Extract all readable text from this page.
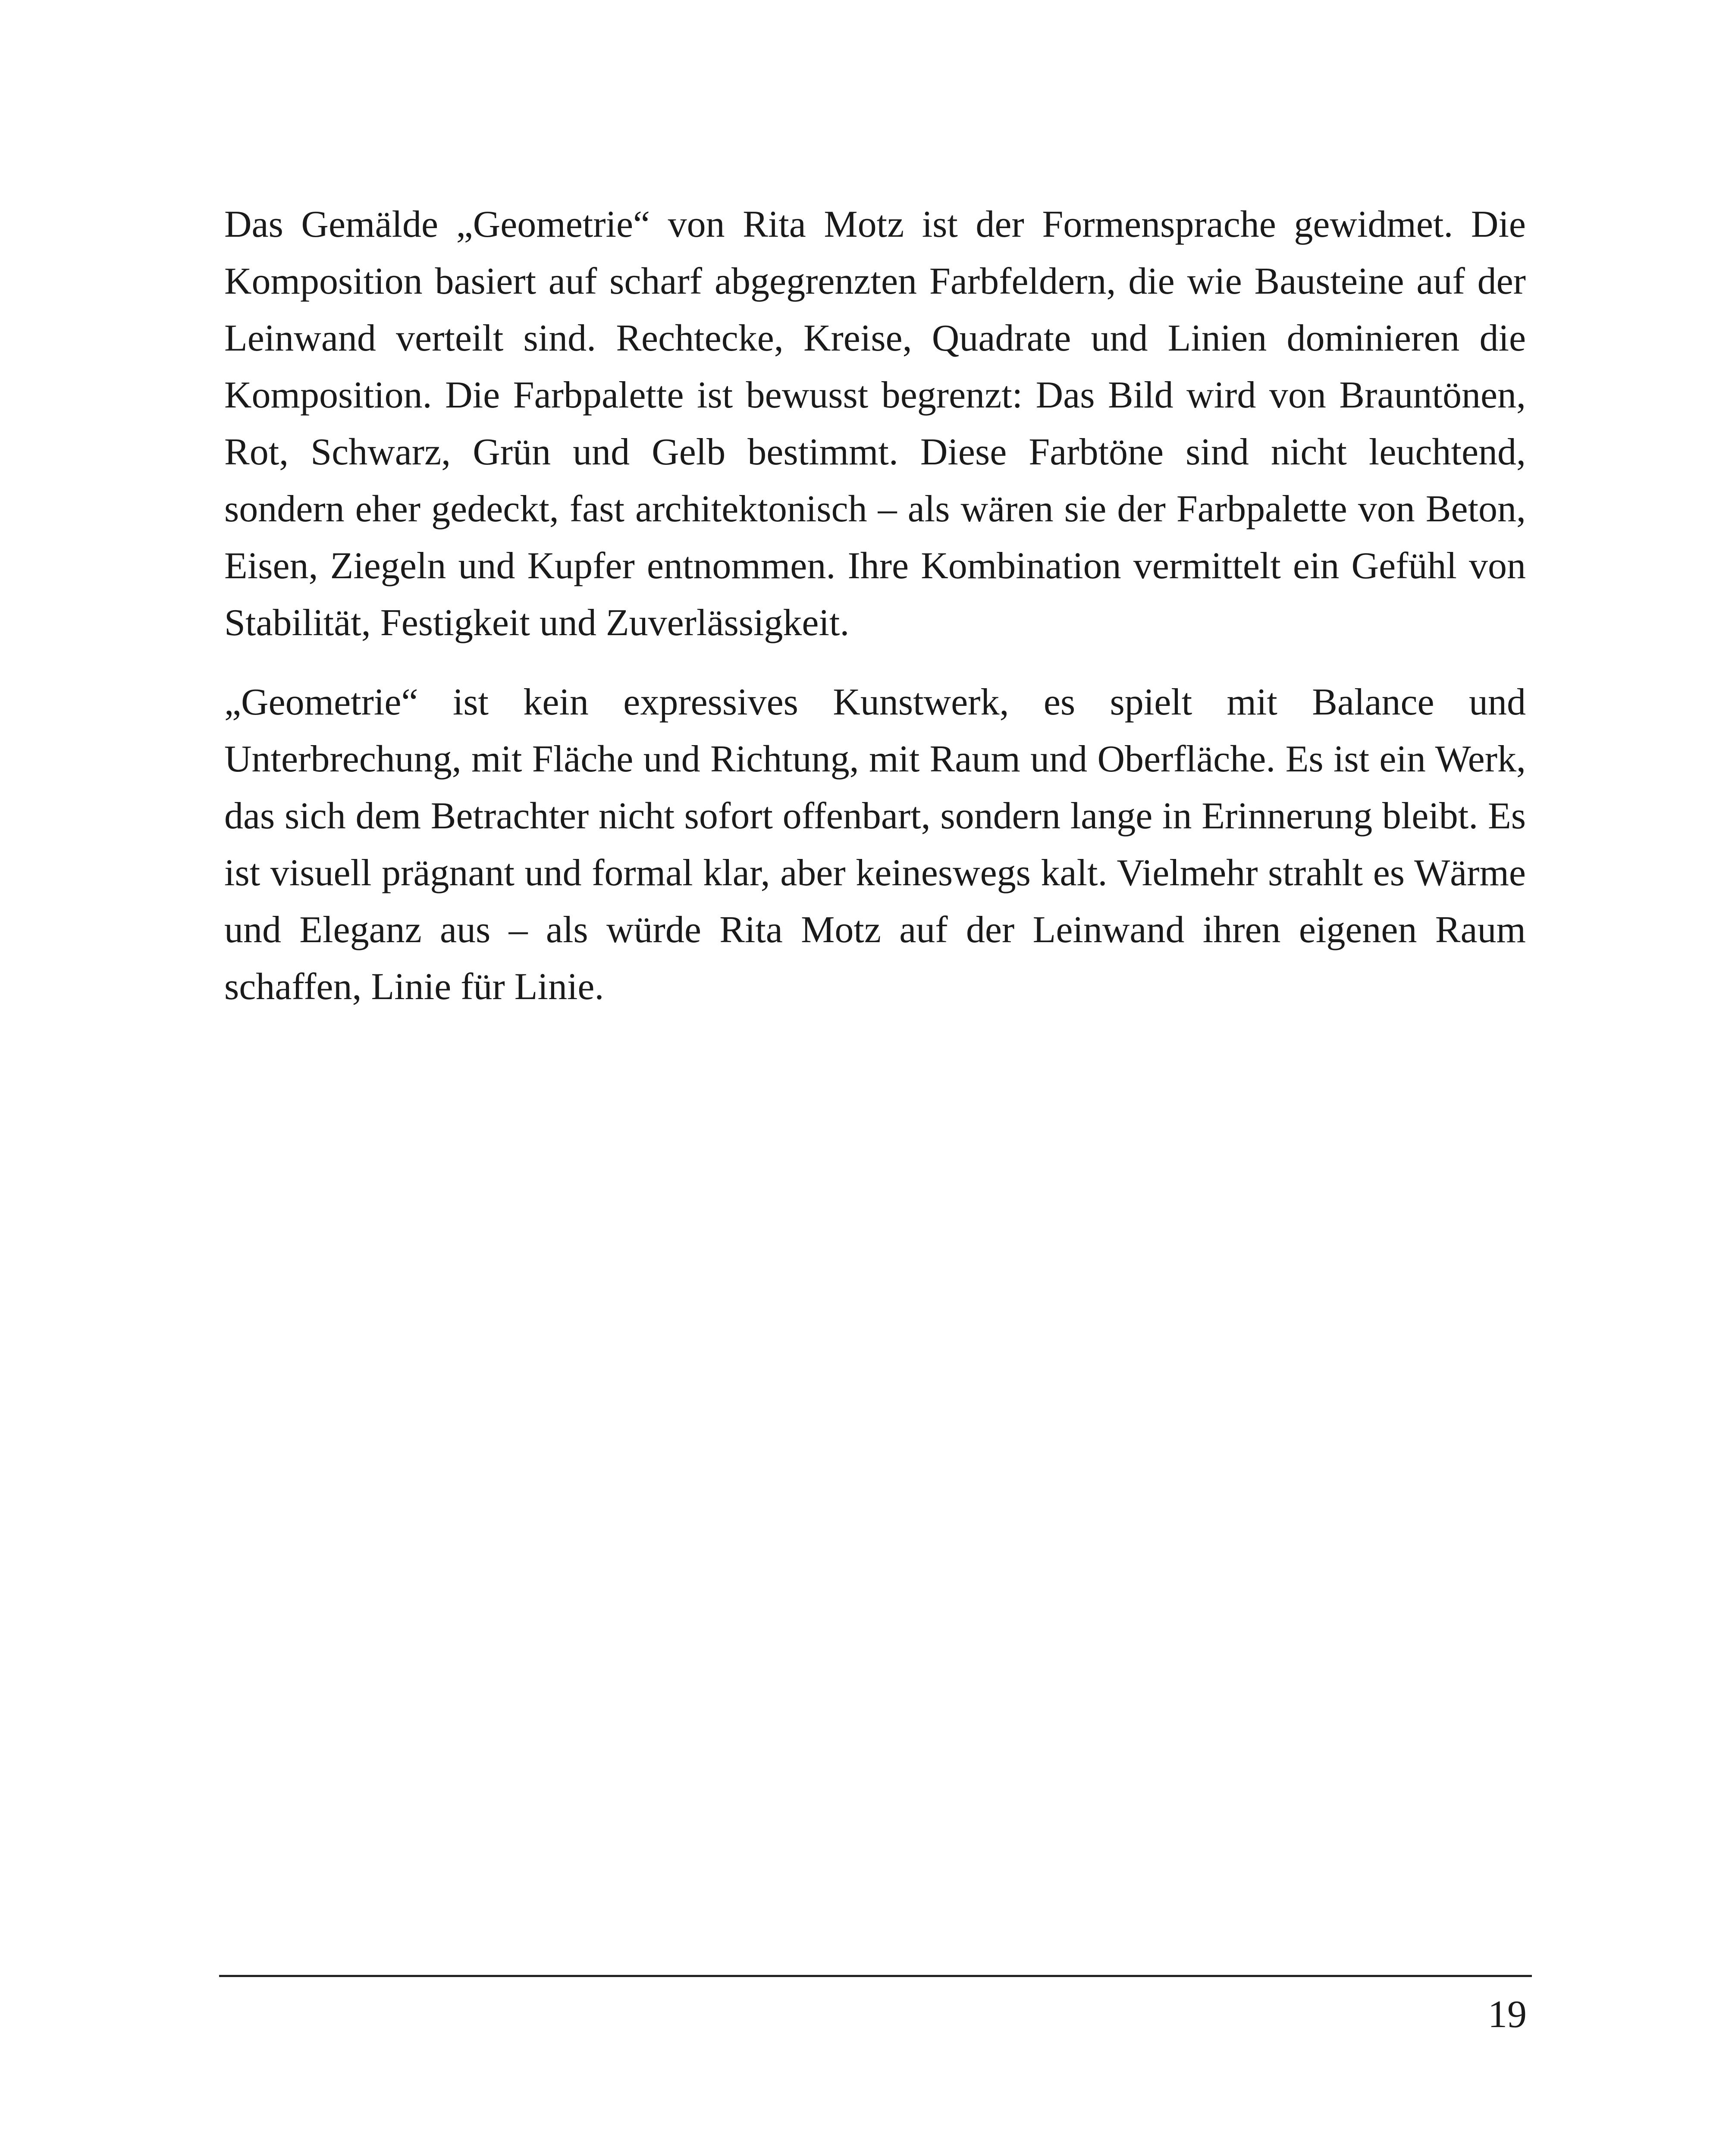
Das Gemälde „Geometrie“ von Rita Motz ist der Formensprache gewidmet. Die Komposition basiert auf scharf abgegrenzten Farbfeldern, die wie Bausteine auf der Leinwand verteilt sind. Rechtecke, Kreise, Quadrate und Linien dominieren die Komposition. Die Farbpalette ist bewusst begrenzt: Das Bild wird von Brauntönen, Rot, Schwarz, Grün und Gelb bestimmt. Diese Farbtöne sind nicht leuchtend, sondern eher gedeckt, fast architektonisch – als wären sie der Farbpalette von Beton, Eisen, Ziegeln und Kupfer entnommen. Ihre Kombination vermittelt ein Gefühl von Stabilität, Festigkeit und Zuverlässigkeit.

„Geometrie“ ist kein expressives Kunstwerk, es spielt mit Balance und Unterbrechung, mit Fläche und Richtung, mit Raum und Oberfläche. Es ist ein Werk, das sich dem Betrachter nicht sofort offenbart, sondern lange in Erinnerung bleibt. Es ist visuell prägnant und formal klar, aber keineswegs kalt. Vielmehr strahlt es Wärme und Eleganz aus – als würde Rita Motz auf der Leinwand ihren eigenen Raum schaffen, Linie für Linie.

19
